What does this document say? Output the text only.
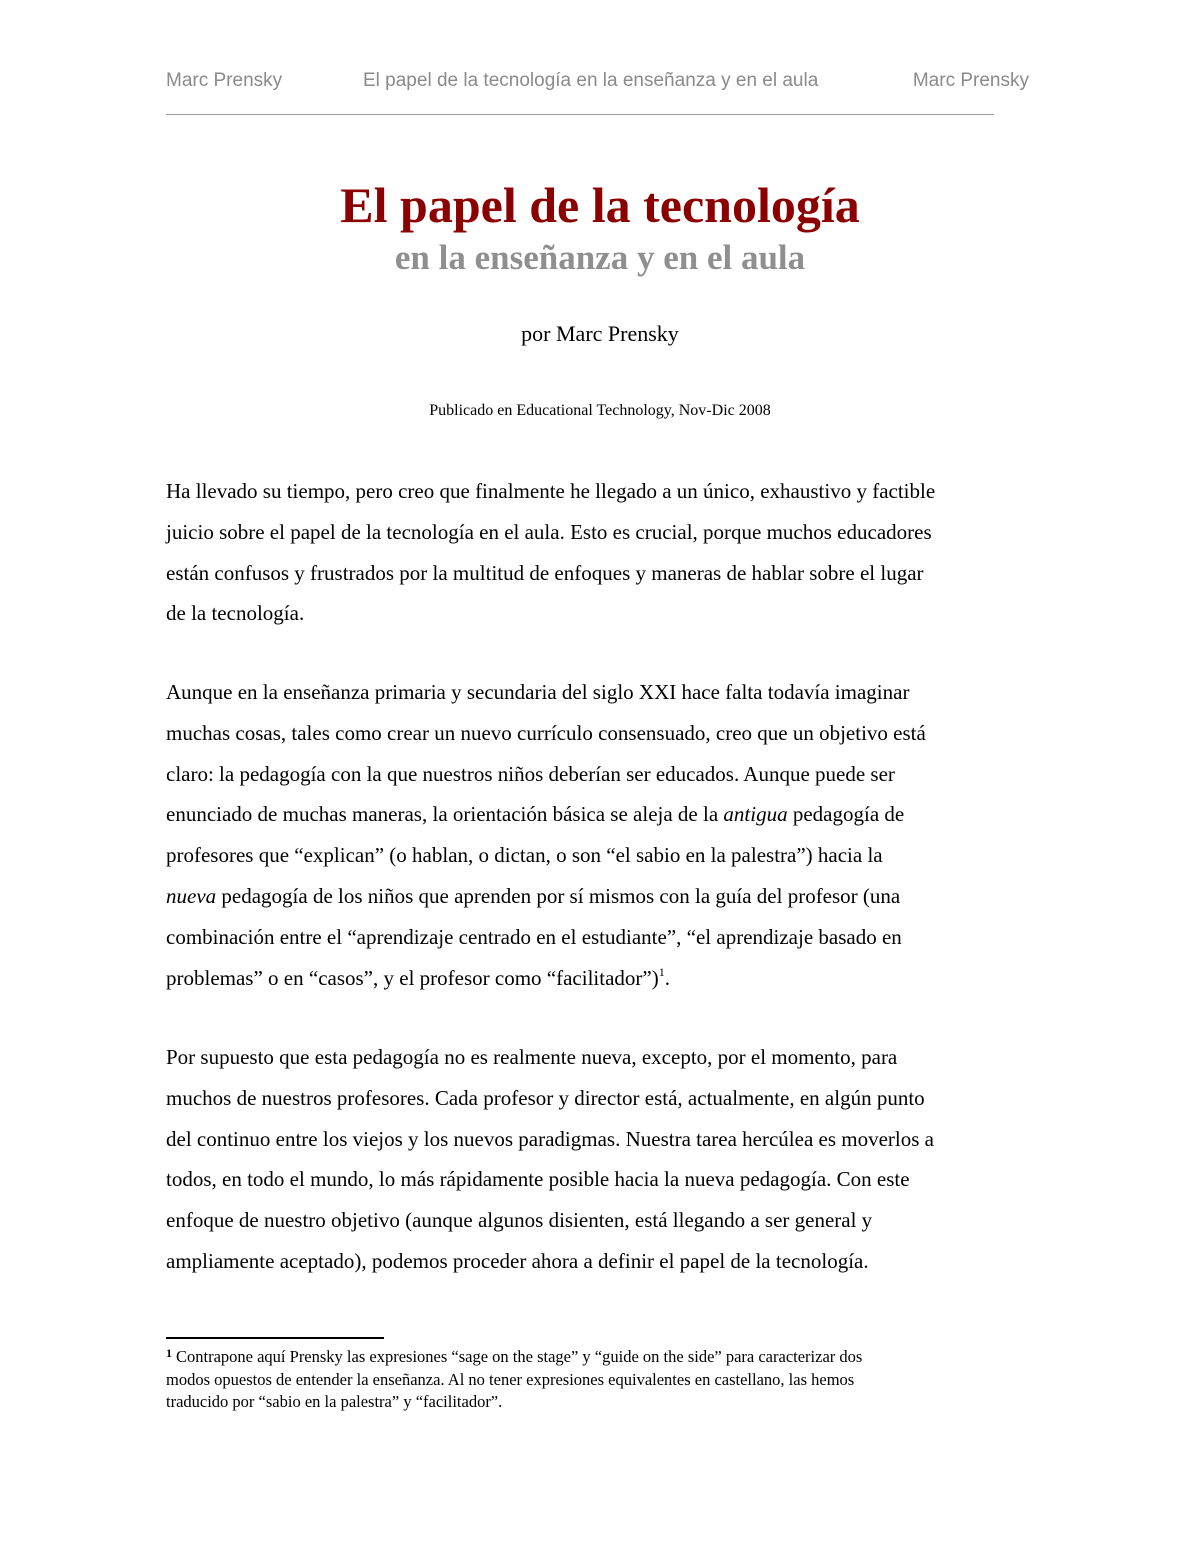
Marc Prensky	El papel de la tecnología en la enseñanza y en el aula	Marc Prensky
El papel de la tecnología
en la enseñanza y en el aula
por Marc Prensky
Publicado en Educational Technology, Nov-Dic 2008

Ha llevado su tiempo, pero creo que finalmente he llegado a un único, exhaustivo y factible
juicio sobre el papel de la tecnología en el aula. Esto es crucial, porque muchos educadores
están confusos y frustrados por la multitud de enfoques y maneras de hablar sobre el lugar
de la tecnología.

Aunque en la enseñanza primaria y secundaria del siglo XXI hace falta todavía imaginar
muchas cosas, tales como crear un nuevo currículo consensuado, creo que un objetivo está
claro: la pedagogía con la que nuestros niños deberían ser educados. Aunque puede ser
enunciado de muchas maneras, la orientación básica se aleja de la antigua pedagogía de
profesores que “explican” (o hablan, o dictan, o son “el sabio en la palestra”) hacia la
nueva pedagogía de los niños que aprenden por sí mismos con la guía del profesor (una
combinación entre el “aprendizaje centrado en el estudiante”, “el aprendizaje basado en
problemas” o en “casos”, y el profesor como “facilitador”)$^1$.

Por supuesto que esta pedagogía no es realmente nueva, excepto, por el momento, para
muchos de nuestros profesores. Cada profesor y director está, actualmente, en algún punto
del continuo entre los viejos y los nuevos paradigmas. Nuestra tarea hercúlea es moverlos a
todos, en todo el mundo, lo más rápidamente posible hacia la nueva pedagogía. Con este
enfoque de nuestro objetivo (aunque algunos disienten, está llegando a ser general y
ampliamente aceptado), podemos proceder ahora a definir el papel de la tecnología.

$^1$ Contrapone aquí Prensky las expresiones “sage on the stage” y “guide on the side” para caracterizar dos
modos opuestos de entender la enseñanza. Al no tener expresiones equivalentes en castellano, las hemos
traducido por “sabio en la palestra” y “facilitador”.
